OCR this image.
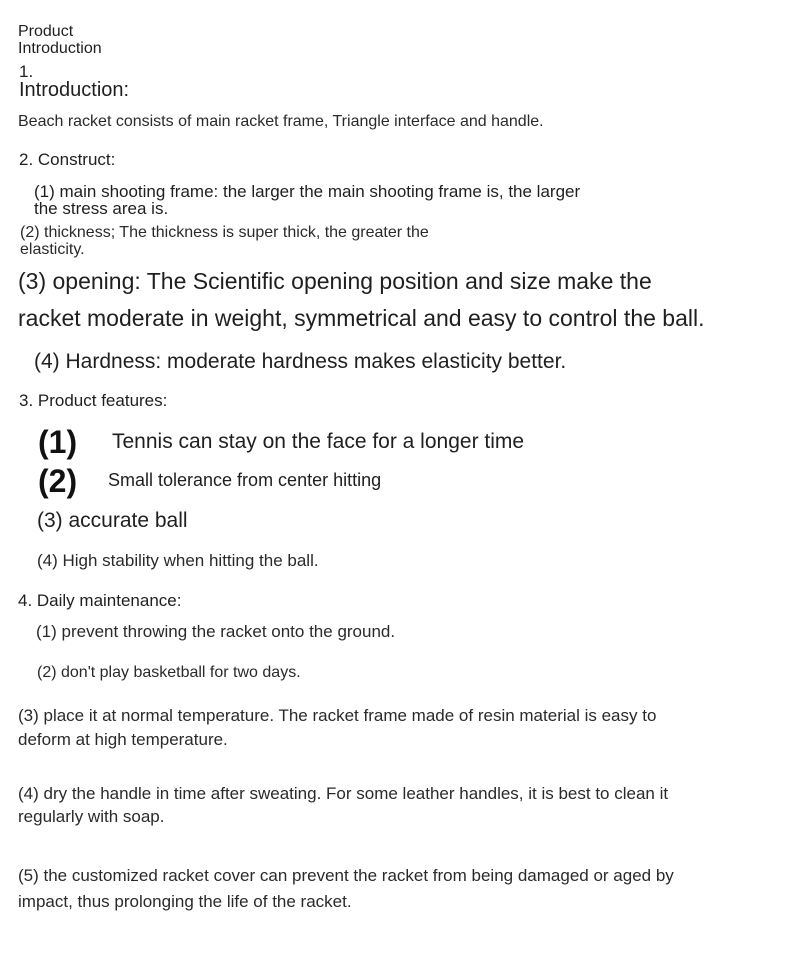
Product
Introduction
1.
Introduction:
Beach racket consists of main racket frame, Triangle interface and handle.
2. Construct:
(1) main shooting frame: the larger the main shooting frame is, the larger
the stress area is.
(2) thickness; The thickness is super thick, the greater the
elasticity.
(3) opening: The Scientific opening position and size make the
racket moderate in weight, symmetrical and easy to control the ball.
(4) Hardness: moderate hardness makes elasticity better.
3. Product features:
(1) Tennis can stay on the face for a longer time
(2) Small tolerance from center hitting
(3) accurate ball
(4) High stability when hitting the ball.
4. Daily maintenance:
(1) prevent throwing the racket onto the ground.
(2) don't play basketball for two days.
(3) place it at normal temperature. The racket frame made of resin material is easy to
deform at high temperature.
(4) dry the handle in time after sweating. For some leather handles, it is best to clean it
regularly with soap.
(5) the customized racket cover can prevent the racket from being damaged or aged by
impact, thus prolonging the life of the racket.
